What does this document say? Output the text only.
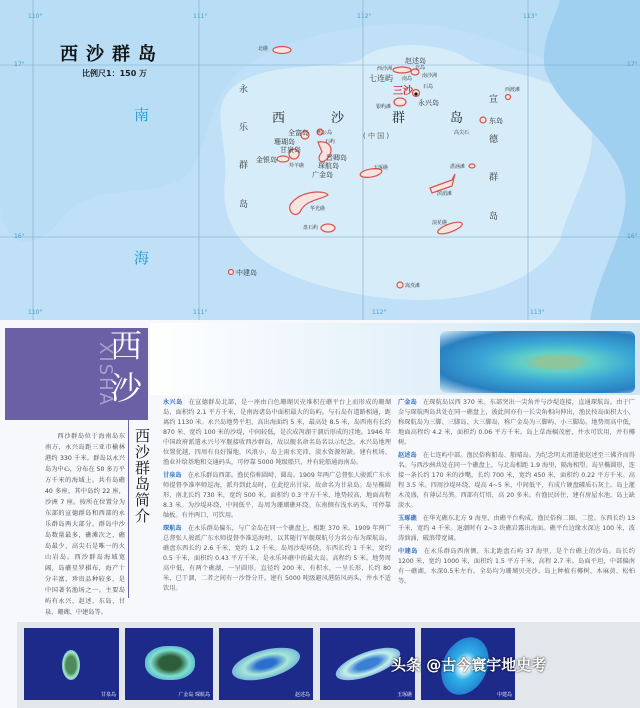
西沙群岛
比例尺1：150 万
110°	111°	112°	113°
110°	111°	112°	113°
17°	17°
16°	16°
南
海
西	沙	群	岛
( 中 国 )
永
乐
群
岛
宣
德
群
岛
三沙
北礁
七连屿
赵述岛
北岛
西沙洲
南岛 南沙洲
石岛
永兴岛
银屿滩
西渡滩
东岛
高尖石
全富岛 鸭公岛
石屿
珊瑚岛
甘泉岛
晋卿岛
琛航岛
金银岛
羚羊礁
广金岛
玉琢礁
华光礁
盘石屿
中建岛
湛涵滩
滨湄滩
浪花礁
嵩焘滩
XISHA
西
沙
西沙群岛简介

西沙群岛位于海南岛东南方，永兴岛距三亚市榆林港约 330 千米。群岛以永兴岛为中心，分布在 50 多万平方千米的海域上。共有岛礁 40 多座，其中岛约 22 座，沙洲 7 座。按所在位置分为东部的宣德群岛和西部的永乐群岛两大部分。群岛中沙岛数量最多，礁滩次之，礁岛最少，高尖石是唯一的火山岩岛。西沙群岛海域宽阔，岛礁星罗棋布，海产十分丰富，珍贵品种较多，是中国著名渔场之一。主要岛屿有永兴、赵述、东岛、甘泉、珊瑚、中建岛等。

永兴岛 在宣德群岛北部，是一座由白色珊瑚贝壳堆积在礁平台上而形成的珊瑚岛，面积约 2.1 平方千米，是南海诸岛中面积最大的岛屿。与石岛有道路相通，距离约 1130 米。永兴岛地势平坦，高出海面约 5 米，最高处 8.5 米，岛西南有长约 870 米、宽约 100 米的沙堤，中间较低，是次成泻湖干涸后形成的洼地。1946 年中国政府派遣永兴号军舰接收西沙群岛，故以舰名命名岛名以示纪念。永兴岛地理位置优越，四周有良好锚地，风浪小，岛上雨水充沛，淡水资源短缺。建有机场、渔业补给基地和交通码头，可停靠 5000 吨级船只，并有轮船通海南岛。

甘泉岛 在永乐群岛西部。渔民俗称圆峙、圆岛。1909 年两广总督张人骏派广东水师提督李准率师巡海，派舟到此岛时，在此挖出甘泉，故命名为甘泉岛。岛呈椭圆形，南北长约 730 米，宽约 500 米，面积约 0.3 平方千米，地势较高，地面高程 8.3 米。为沙堤环绕，中间低平，岛周为珊瑚礁环绕。东南侧有浅水码头，可停靠舢板。有井两口，可饮用。

琛航岛 在永乐群岛偏东，与广金岛在同一个礁盘上，相距 370 米。1909 年两广总督张人骏派广东水师提督李准巡海时，以其随行军舰琛航号为名公布为琛航岛。礁盘东西长约 2.6 千米，宽约 1.2 千米。岛周沙堤环绕，东西长约 1 千米，宽约 0.5 千米，面积约 0.43 平方千米，是永乐环礁中的最大岛。高程约 5 米。地势周高中低，有两个礁湖，一呈圆形，直径约 200 米，有积水，一呈长形，长约 80 米，已干涸，二者之间有一沙脊分开。建有 5000 吨级避风港防风码头，井水不适饮用。

广金岛 在琛航岛以西 370 米。东部突出一尖角并与沙堤连接，直通琛航岛。由于广金与琛航两岛共处在同一礁盘上，彼此间亦有一长尖角相向伸出，渔民按岛面积大小，称琛航岛为三脚、三脚岛、大三脚岛，称广金岛为三脚屿、小三脚岛。地势周高中低，地面高程约 4.2 米，面积约 0.06 平方千米。岛上草海榈茂密，井水可饮用，并有椰树。

赵述岛 在七连屿中部。渔民俗称船岛、船晴岛。为纪念明太祖遣使赵述至三佛齐而得名。与西沙洲共处在同一个礁盘上，与北岛相距 1.9 海里，隔海相望。岛呈椭圆形，连接一条长约 170 米的沙嘴，长约 700 米，宽约 450 米，面积约 0.22 平方千米。高程 3.5 米。四周沙堤环绕，堤高 4~5 米，中间低平，有成片硬盘磷质石灰土。岛上灌木茂盛，有薄层鸟粪。西部有灯塔，高 20 多米。有渔民居住，建有房屋水池，岛上缺淡水。

玉琢礁 在华光礁东北方 9 海里，由礁平台构成。渔民俗称二圈、二筐。东西长约 13 千米，宽约 4 千米。退潮时有 2~3 块礁岩露出海面。礁平台边缘水深达 100 米，波涛汹涌，破浪带宽阔。

中建岛 在永乐群岛西南侧，东北距盘石屿 37 海里，是个台礁上的沙岛。岛长约 1200 米，宽约 1000 米，面积约 1.5 平方千米，高程 2.7 米。岛面平坦，中部偏南有一礁湖，水深0.5米左右。全岛均为珊瑚贝壳沙。岛上种植有椰树、木麻黄、松柏等。

甘泉岛	广金岛 琛航岛	赵述岛	玉琢礁	中建岛
头条 @古今寰宇地史考
